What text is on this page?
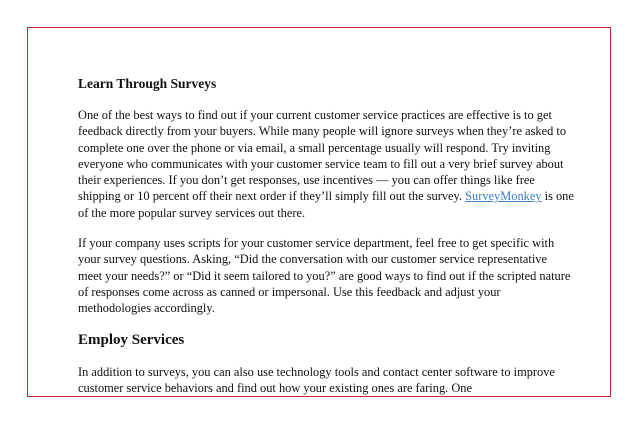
Learn Through Surveys

One of the best ways to find out if your current customer service practices are effective is to get feedback directly from your buyers. While many people will ignore surveys when they’re asked to complete one over the phone or via email, a small percentage usually will respond. Try inviting everyone who communicates with your customer service team to fill out a very brief survey about their experiences. If you don’t get responses, use incentives — you can offer things like free shipping or 10 percent off their next order if they’ll simply fill out the survey. SurveyMonkey is one of the more popular survey services out there.

If your company uses scripts for your customer service department, feel free to get specific with your survey questions. Asking, “Did the conversation with our customer service representative meet your needs?” or “Did it seem tailored to you?” are good ways to find out if the scripted nature of responses come across as canned or impersonal. Use this feedback and adjust your methodologies accordingly.

Employ Services

In addition to surveys, you can also use technology tools and contact center software to improve customer service behaviors and find out how your existing ones are faring. One
